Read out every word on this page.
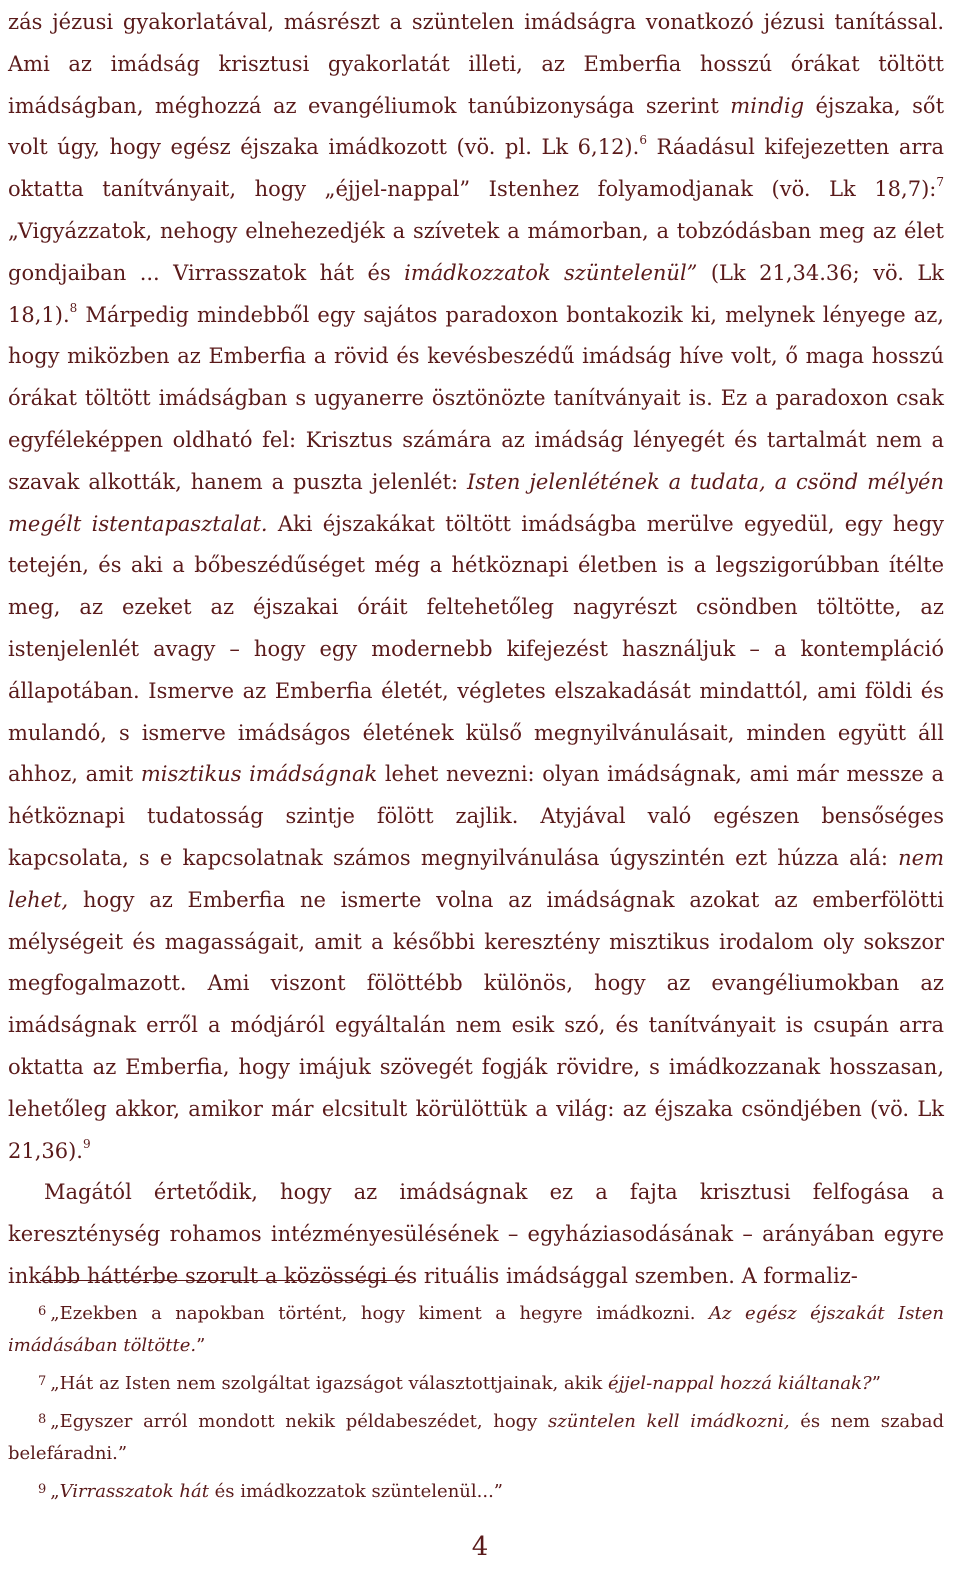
zás jézusi gyakorlatával, másrészt a szüntelen imádságra vonatkozó jézusi tanítással. Ami az imádság krisztusi gyakorlatát illeti, az Emberfia hosszú órákat töltött imádságban, méghozzá az evangéliumok tanúbizonysága szerint mindig éjszaka, sőt volt úgy, hogy egész éjszaka imádkozott (vö. pl. Lk 6,12).$^6$ Ráadásul kifejezetten arra oktatta tanítványait, hogy „éjjel-nappal” Istenhez folyamodjanak (vö. Lk 18,7):$^7$ „Vigyázzatok, nehogy elnehezedjék a szívetek a mámorban, a tobzódásban meg az élet gondjaiban ... Virrasszatok hát és imádkozzatok szüntelenül” (Lk 21,34.36; vö. Lk 18,1).$^8$ Márpedig mindebből egy sajátos paradoxon bontakozik ki, melynek lényege az, hogy miközben az Emberfia a rövid és kevésbeszédű imádság híve volt, ő maga hosszú órákat töltött imádságban s ugyanerre ösztönözte tanítványait is. Ez a paradoxon csak egyféleképpen oldható fel: Krisztus számára az imádság lényegét és tartalmát nem a szavak alkották, hanem a puszta jelenlét: Isten jelenlétének a tudata, a csönd mélyén megélt istentapasztalat. Aki éjszakákat töltött imádságba merülve egyedül, egy hegy tetején, és aki a bőbeszédűséget még a hétköznapi életben is a legszigorúbban ítélte meg, az ezeket az éjszakai óráit feltehetőleg nagyrészt csöndben töltötte, az istenjelenlét avagy – hogy egy modernebb kifejezést használjuk – a kontempláció állapotában. Ismerve az Emberfia életét, végletes elszakadását mindattól, ami földi és mulandó, s ismerve imádságos életének külső megnyilvánulásait, minden együtt áll ahhoz, amit misztikus imádságnak lehet nevezni: olyan imádságnak, ami már messze a hétköznapi tudatosság szintje fölött zajlik. Atyjával való egészen bensőséges kapcsolata, s e kapcsolatnak számos megnyilvánulása úgyszintén ezt húzza alá: nem lehet, hogy az Emberfia ne ismerte volna az imádságnak azokat az emberfölötti mélységeit és magasságait, amit a későbbi keresztény misztikus irodalom oly sokszor megfogalmazott. Ami viszont fölöttébb különös, hogy az evangéliumokban az imádságnak erről a módjáról egyáltalán nem esik szó, és tanítványait is csupán arra oktatta az Emberfia, hogy imájuk szövegét fogják rövidre, s imádkozzanak hosszasan, lehetőleg akkor, amikor már elcsitult körülöttük a világ: az éjszaka csöndjében (vö. Lk 21,36).$^9$

Magától értetődik, hogy az imádságnak ez a fajta krisztusi felfogása a kereszténység rohamos intézményesülésének – egyháziasodásának – arányában egyre inkább háttérbe szorult a közösségi és rituális imádsággal szemben. A formaliz-

$^6$ „Ezekben a napokban történt, hogy kiment a hegyre imádkozni. Az egész éjszakát Isten imádásában töltötte.”

$^7$ „Hát az Isten nem szolgáltat igazságot választottjainak, akik éjjel-nappal hozzá kiáltanak?”

$^8$ „Egyszer arról mondott nekik példabeszédet, hogy szüntelen kell imádkozni, és nem szabad belefáradni.”

$^9$ „Virrasszatok hát és imádkozzatok szüntelenül...”

4
